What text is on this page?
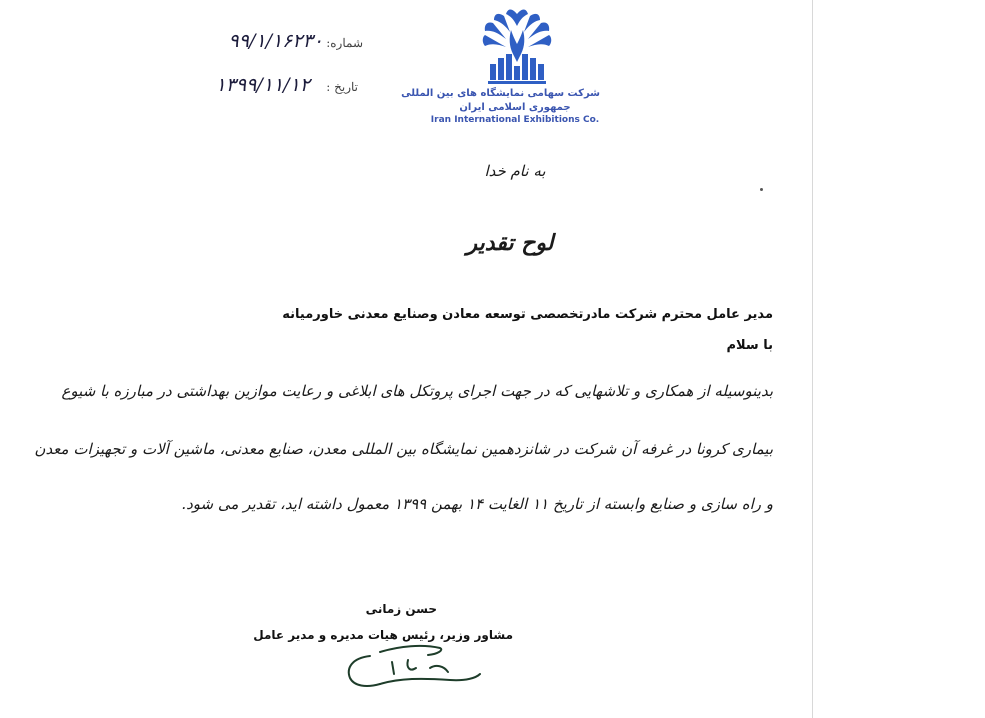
شرکت سهامی نمایشگاه های بین المللی
جمهوری اسلامی ایران
Iran International Exhibitions Co.
شماره:
۹۹/۱/۱۶۲۳۰
تاریخ :
۱۳۹۹/۱۱/۱۲
به نام خدا
لوح تقدیر
مدیر عامل محترم شرکت مادرتخصصی توسعه معادن وصنایع معدنی خاورمیانه
با سلام
بدینوسیله از همکاری و تلاشهایی که در جهت اجرای پروتکل های ابلاغی و رعایت موازین بهداشتی در مبارزه با شیوع
بیماری کرونا در غرفه آن شرکت در شانزدهمین نمایشگاه بین المللی معدن، صنایع معدنی، ماشین آلات و تجهیزات معدن
و راه سازی و صنایع وابسته از تاریخ ۱۱ الغایت ۱۴ بهمن ۱۳۹۹ معمول داشته اید، تقدیر می شود.
حسن زمانی
مشاور وزیر، رئیس هیات مدیره و مدیر عامل
